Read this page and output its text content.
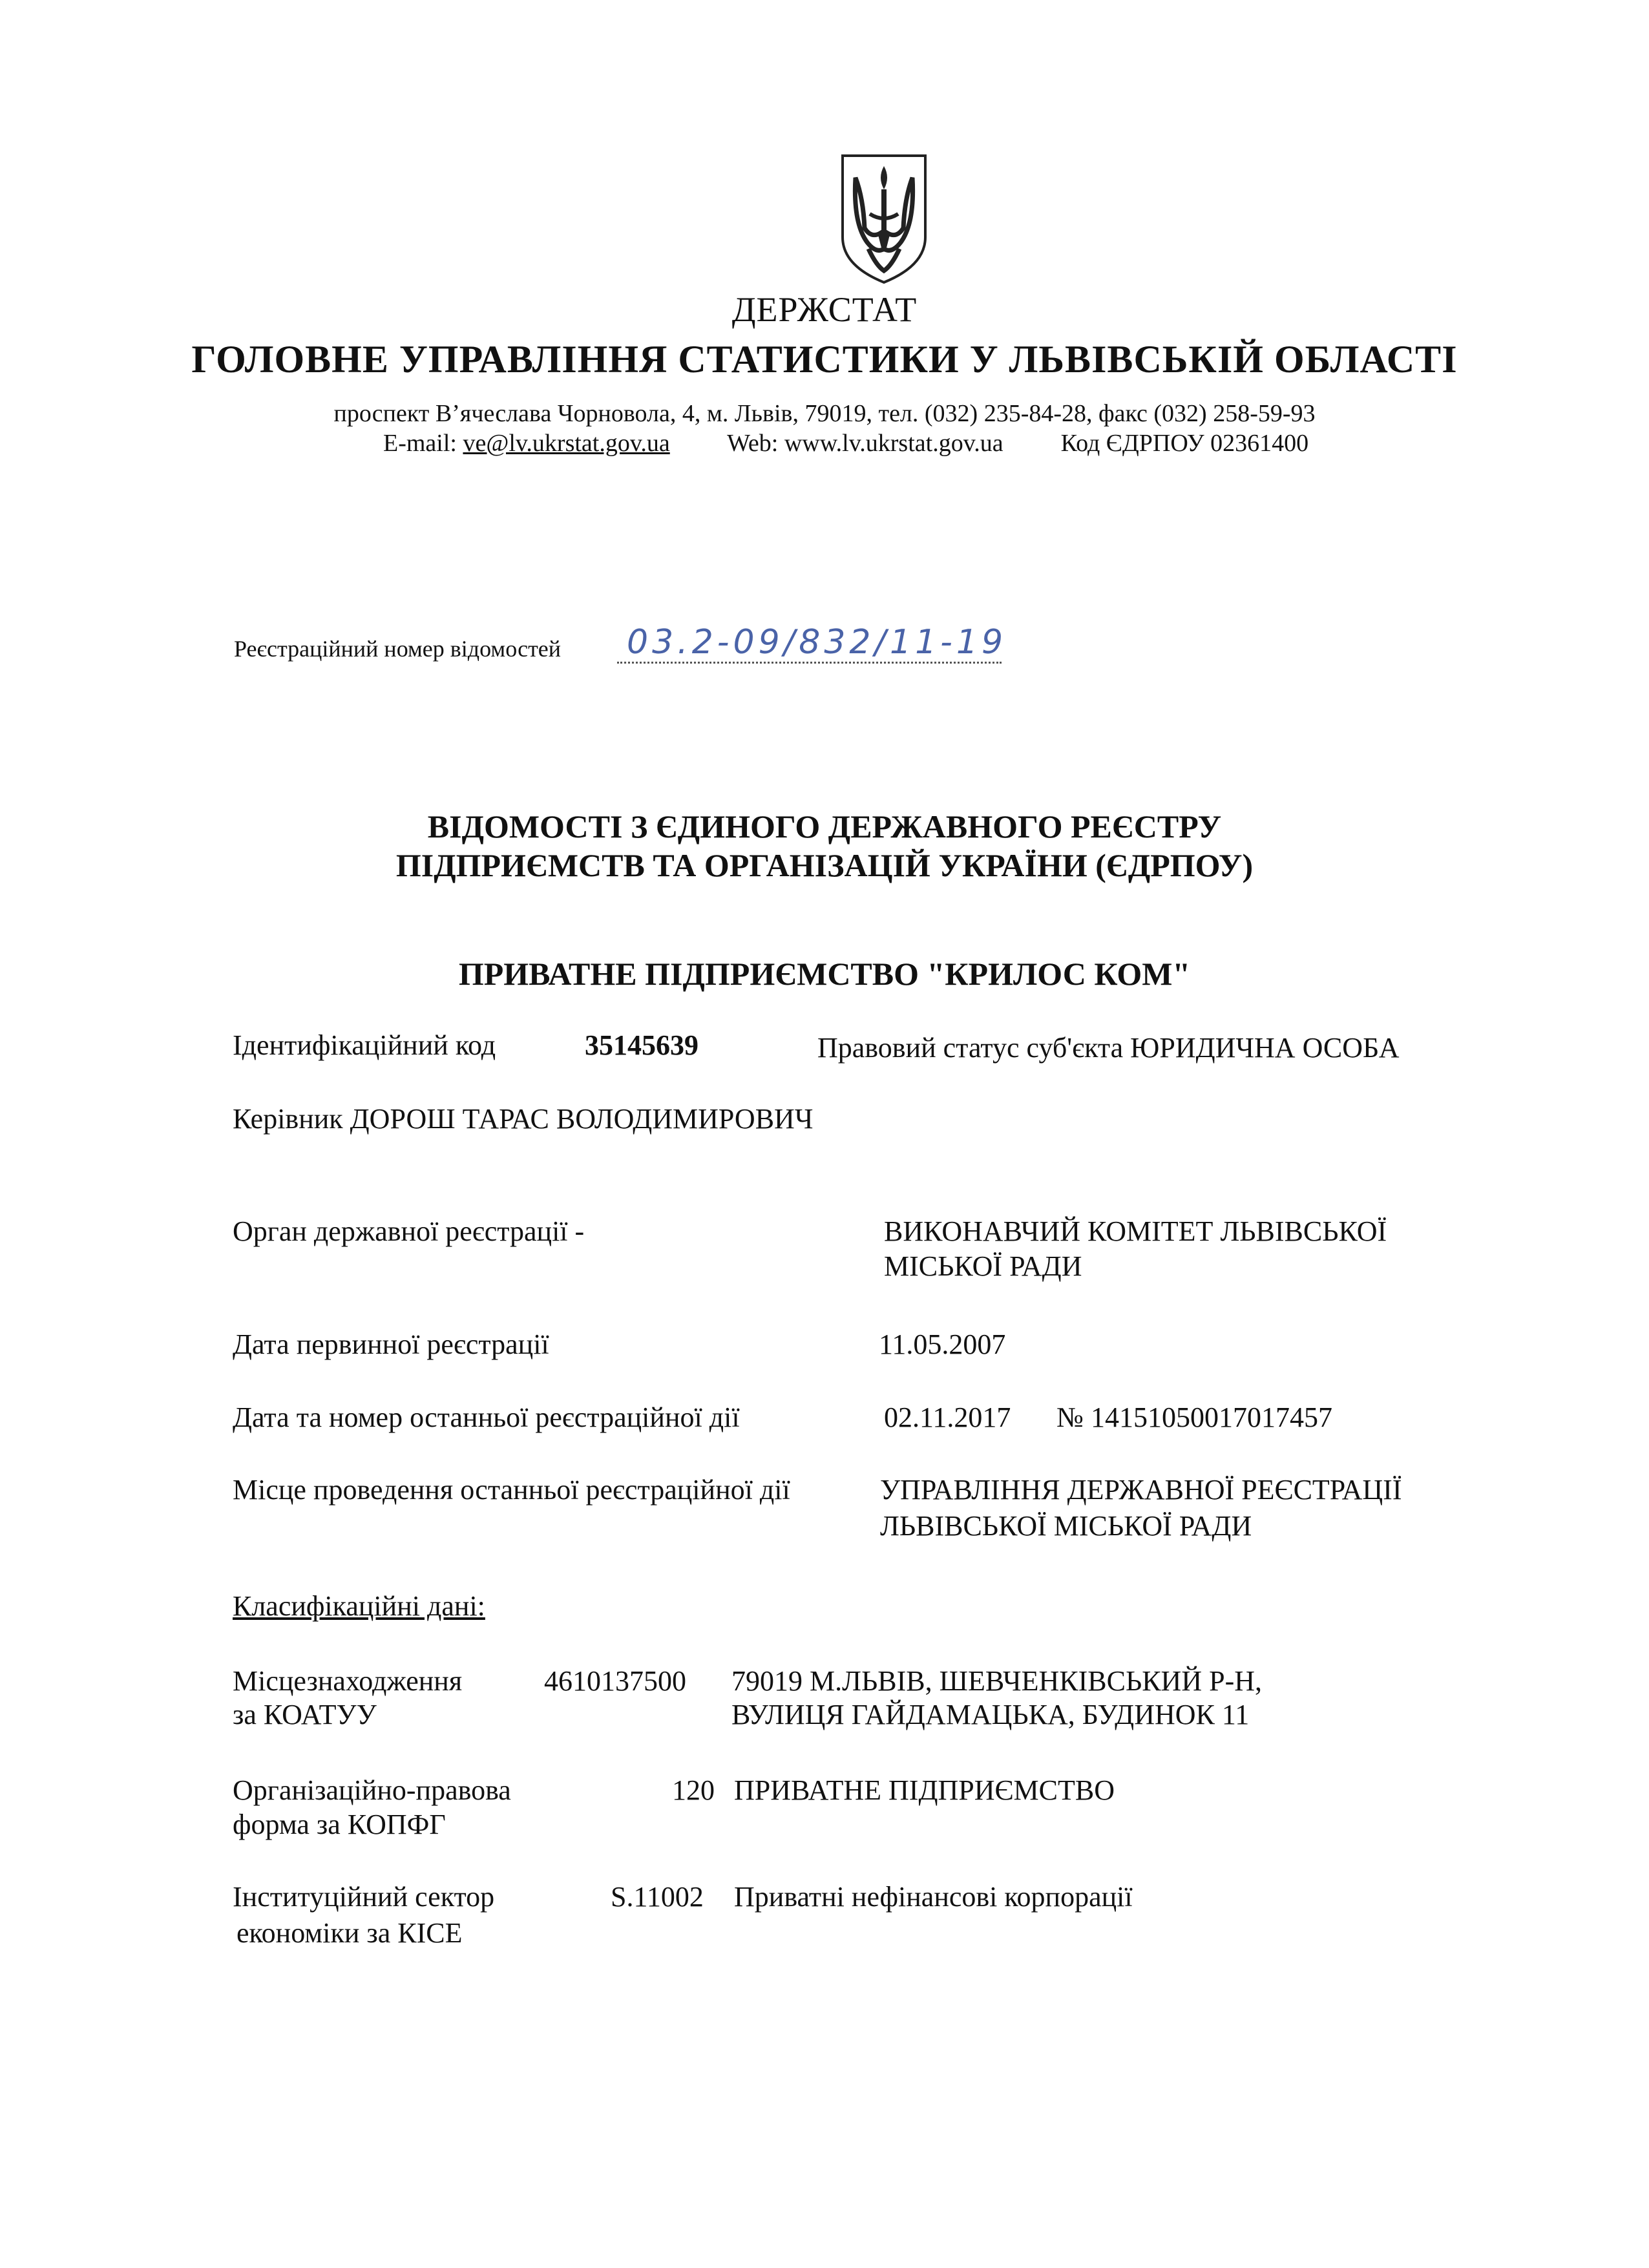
ДЕРЖСТАТ
ГОЛОВНЕ УПРАВЛІННЯ СТАТИСТИКИ У ЛЬВІВСЬКІЙ ОБЛАСТІ
проспект В’ячеслава Чорновола, 4, м. Львів, 79019, тел. (032) 235-84-28, факс (032) 258-59-93
E-mail: ve@lv.ukrstat.gov.ua Web: www.lv.ukrstat.gov.ua Код ЄДРПОУ 02361400
Реєстраційний номер відомостей 03.2-09/832/11-19
ВІДОМОСТІ З ЄДИНОГО ДЕРЖАВНОГО РЕЄСТРУ
ПІДПРИЄМСТВ ТА ОРГАНІЗАЦІЙ УКРАЇНИ (ЄДРПОУ)
ПРИВАТНЕ ПІДПРИЄМСТВО "КРИЛОС КОМ"
Ідентифікаційний код	35145639	Правовий статус суб'єкта ЮРИДИЧНА ОСОБА
Керівник ДОРОШ ТАРАС ВОЛОДИМИРОВИЧ
Орган державної реєстрації -	ВИКОНАВЧИЙ КОМІТЕТ ЛЬВІВСЬКОЇ
МІСЬКОЇ РАДИ
Дата первинної реєстрації	11.05.2007
Дата та номер останньої реєстраційної дії	02.11.2017 № 14151050017017457
Місце проведення останньої реєстраційної дії	УПРАВЛІННЯ ДЕРЖАВНОЇ РЕЄСТРАЦІЇ
ЛЬВІВСЬКОЇ МІСЬКОЇ РАДИ
Класифікаційні дані:
Місцезнаходження
за КОАТУУ
4610137500 79019 М.ЛЬВІВ, ШЕВЧЕНКІВСЬКИЙ Р-Н,
ВУЛИЦЯ ГАЙДАМАЦЬКА, БУДИНОК 11
Організаційно-правова
форма за КОПФГ
120 ПРИВАТНЕ ПІДПРИЄМСТВО
Інституційний сектор
економіки за КІСЕ
S.11002 Приватні нефінансові корпорації
